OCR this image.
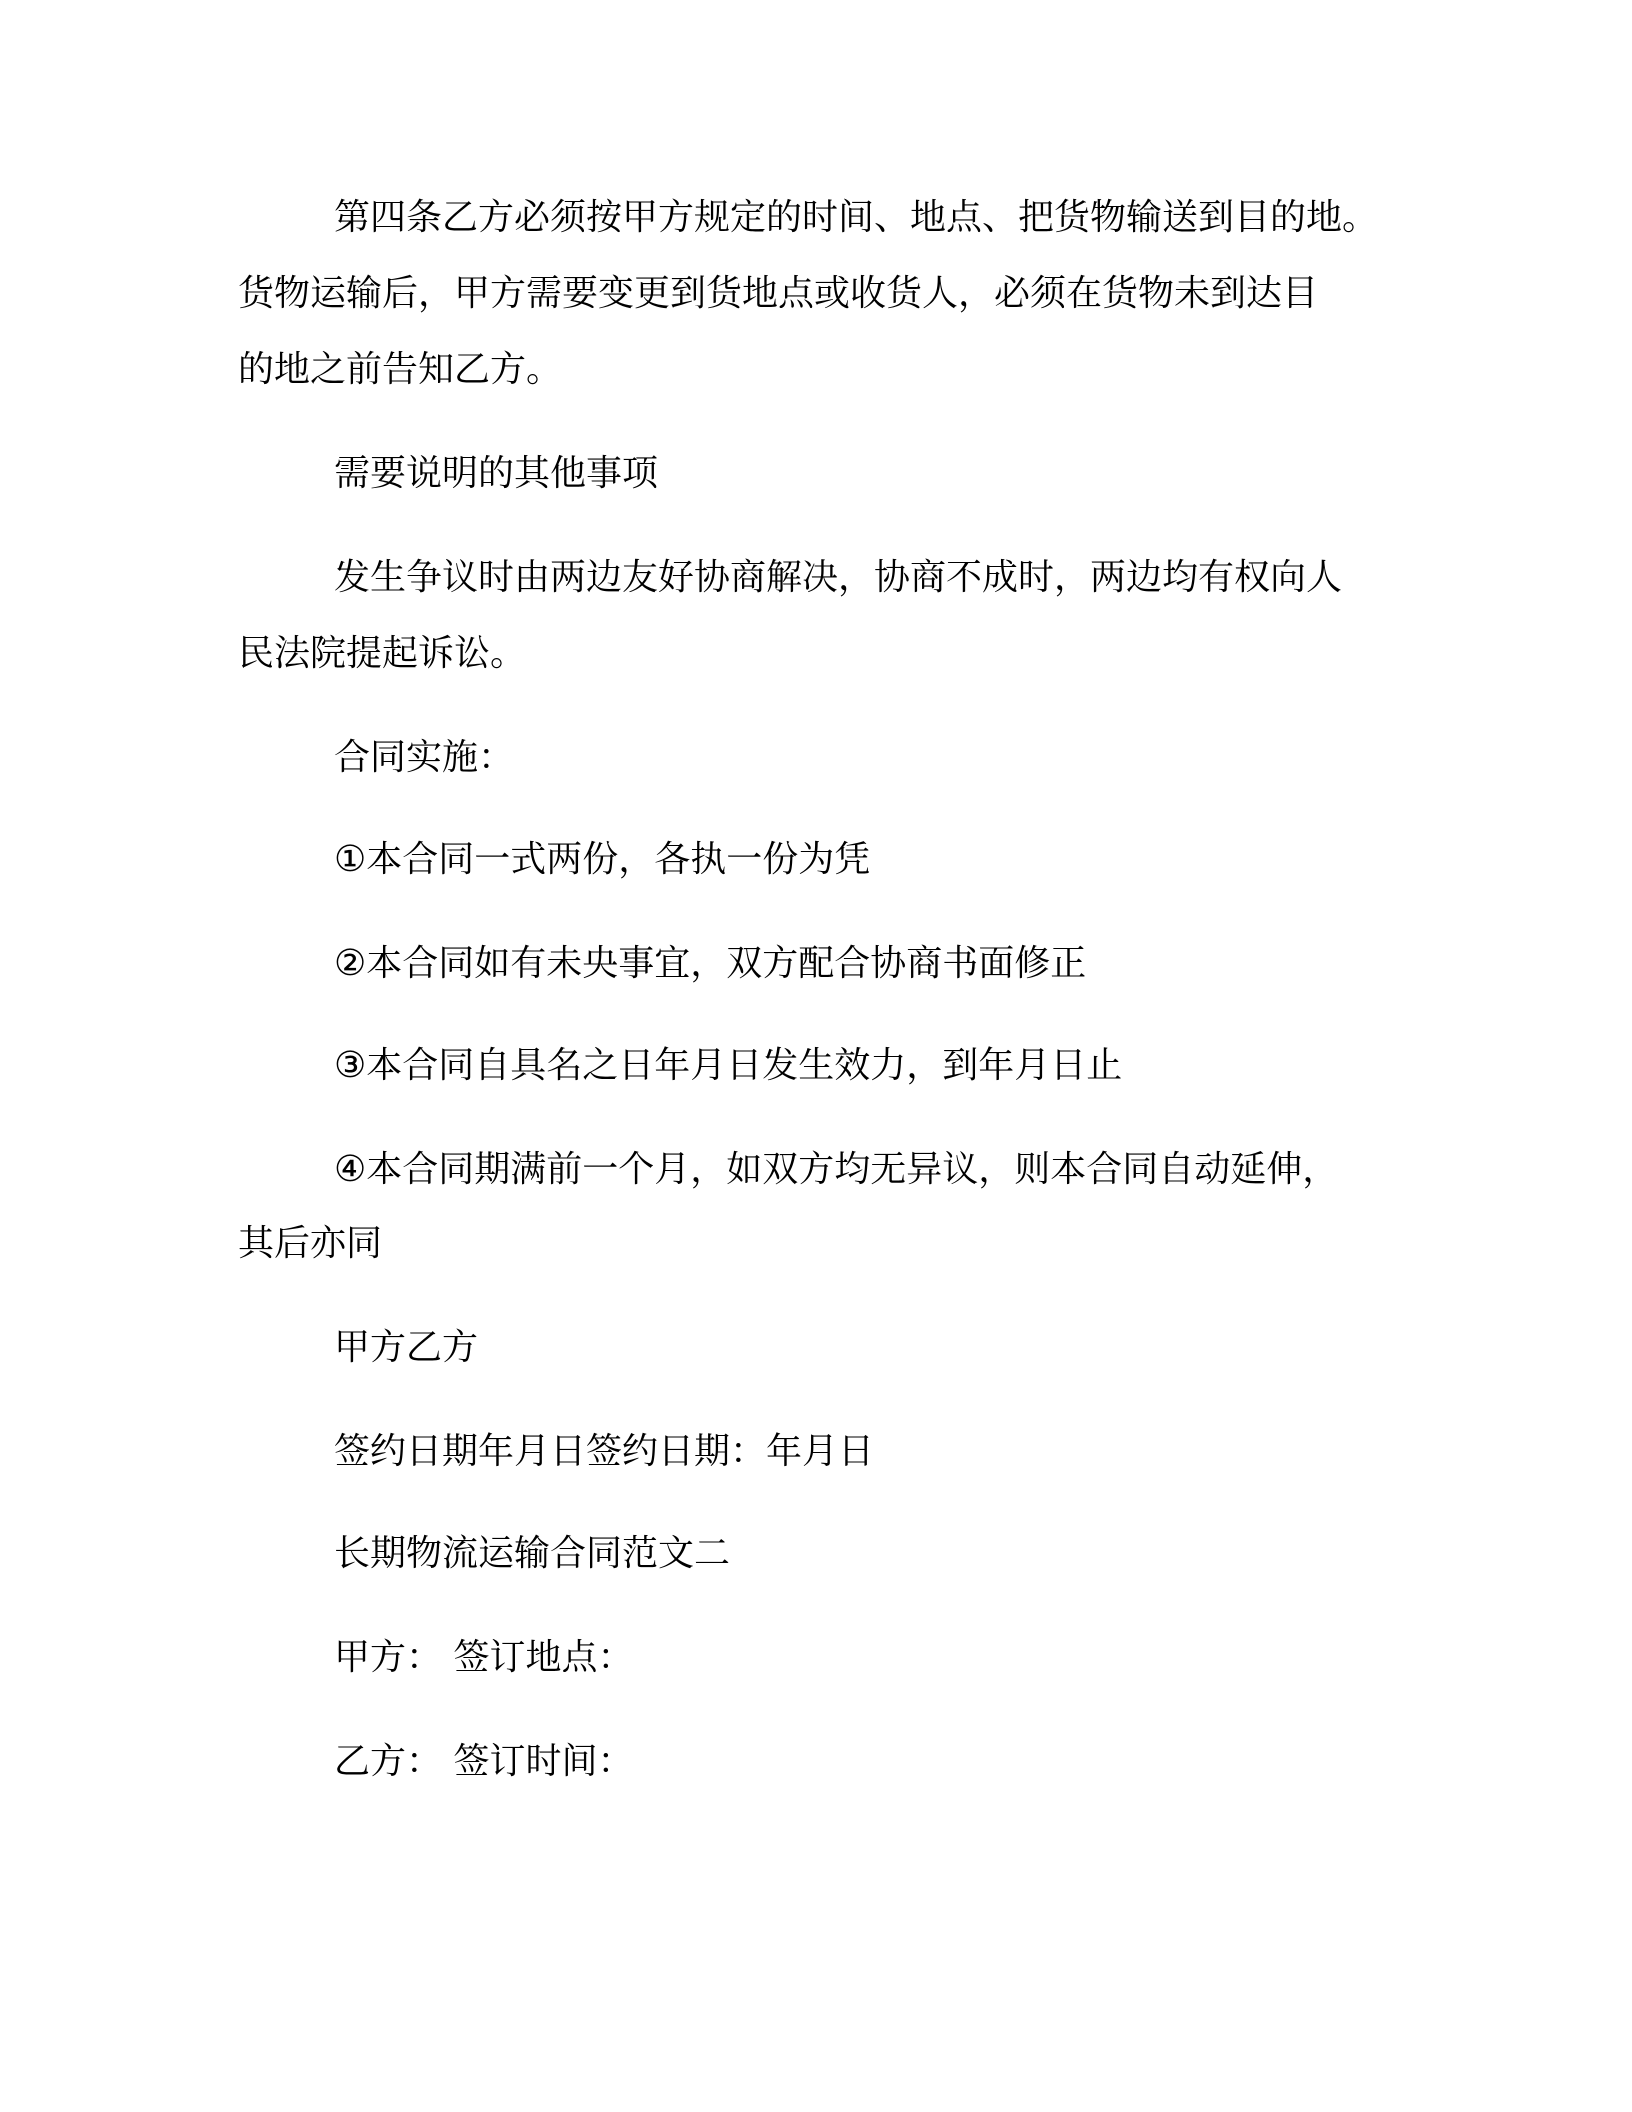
第四条乙方必须按甲方规定的时间、地点、把货物输送到目的地。
货物运输后，甲方需要变更到货地点或收货人，必须在货物未到达目
的地之前告知乙方。
需要说明的其他事项
发生争议时由两边友好协商解决，协商不成时，两边均有权向人
民法院提起诉讼。
合同实施：
①本合同一式两份，各执一份为凭
②本合同如有未央事宜，双方配合协商书面修正
③本合同自具名之日年月日发生效力，到年月日止
④本合同期满前一个月，如双方均无异议，则本合同自动延伸，
其后亦同
甲方乙方
签约日期年月日签约日期：年月日
长期物流运输合同范文二
甲方： 签订地点：
乙方： 签订时间：
